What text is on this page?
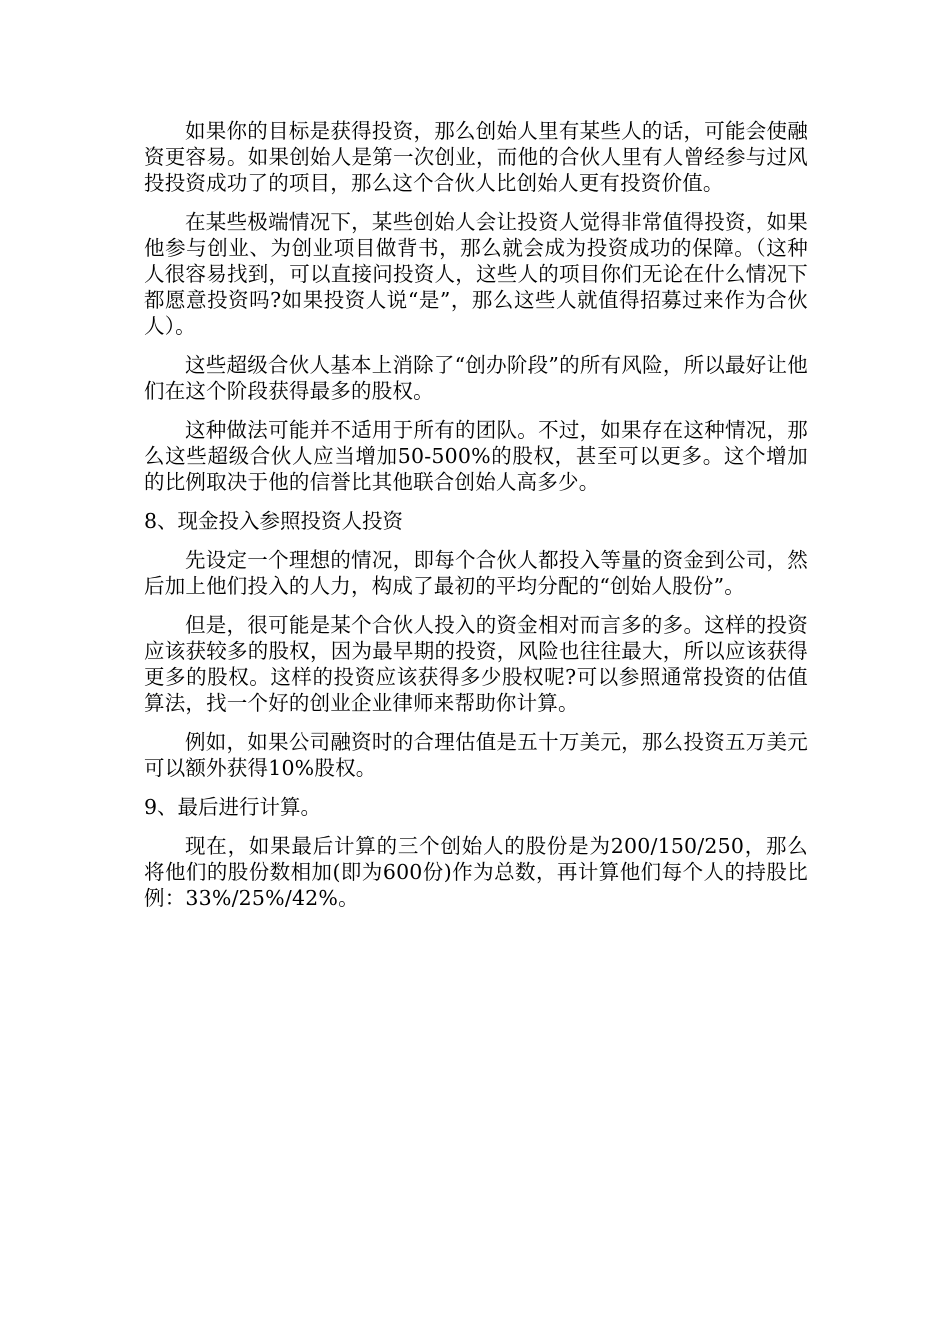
如果你的目标是获得投资，那么创始人里有某些人的话，可能会使融资更容易。如果创始人是第一次创业，而他的合伙人里有人曾经参与过风投投资成功了的项目，那么这个合伙人比创始人更有投资价值。

在某些极端情况下，某些创始人会让投资人觉得非常值得投资，如果他参与创业、为创业项目做背书，那么就会成为投资成功的保障。（这种人很容易找到，可以直接问投资人，这些人的项目你们无论在什么情况下都愿意投资吗?如果投资人说“是”，那么这些人就值得招募过来作为合伙人）。

这些超级合伙人基本上消除了“创办阶段”的所有风险，所以最好让他们在这个阶段获得最多的股权。

这种做法可能并不适用于所有的团队。不过，如果存在这种情况，那么这些超级合伙人应当增加50-500%的股权，甚至可以更多。这个增加的比例取决于他的信誉比其他联合创始人高多少。

8、现金投入参照投资人投资

先设定一个理想的情况，即每个合伙人都投入等量的资金到公司，然后加上他们投入的人力，构成了最初的平均分配的“创始人股份”。

但是，很可能是某个合伙人投入的资金相对而言多的多。这样的投资应该获较多的股权，因为最早期的投资，风险也往往最大，所以应该获得更多的股权。这样的投资应该获得多少股权呢?可以参照通常投资的估值算法，找一个好的创业企业律师来帮助你计算。

例如，如果公司融资时的合理估值是五十万美元，那么投资五万美元可以额外获得10%股权。

9、最后进行计算。

现在，如果最后计算的三个创始人的股份是为200/150/250，那么将他们的股份数相加(即为600份)作为总数，再计算他们每个人的持股比例：33%/25%/42%。
